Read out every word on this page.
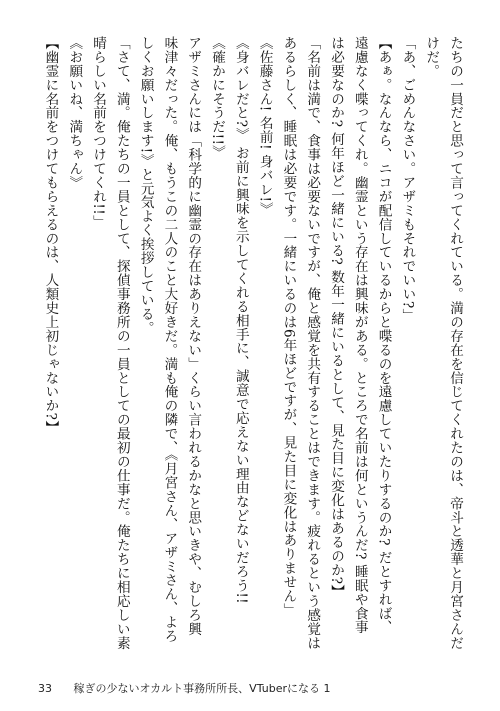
たちの一員だと思って言ってくれている。満の存在を信じてくれたのは、帝斗と透華と月宮さんだ

けだ。

「あ、ごめんなさい。アザミもそれでいい?」

【あぁ。なんなら、ニコが配信しているからと喋るのを遠慮していたりするのか? だとすれば、

遠慮なく喋ってくれ。幽霊という存在は興味がある。ところで名前は何というんだ? 睡眠や食事

は必要なのか? 何年ほど一緒にいる? 数年一緒にいるとして、見た目に変化はあるのか?】

「名前は満で、食事は必要ないですが、俺と感覚を共有することはできます。疲れるという感覚は

あるらしく、睡眠は必要です。一緒にいるのは6年ほどですが、見た目に変化はありません」

《佐藤さん! 名前! 身バレ!》

《身バレだと?》 お前に興味を示してくれる相手に、誠意で応えない理由などないだろう!!

《確かにそうだ!!》

アザミさんには「科学的に幽霊の存在はありえない」くらい言われるかなと思いきや、むしろ興

味津々だった。俺、もうこの二人のこと大好きだ。満も俺の隣で、《月宮さん、アザミさん、よろ

しくお願いします!》と元気よく挨拶している。

「さて、満。俺たちの一員として、探偵事務所の一員としての最初の仕事だ。俺たちに相応しい素

晴らしい名前をつけてくれ!!」

《お願いね、満ちゃん》

【幽霊に名前をつけてもらえるのは、人類史上初じゃないか?】

33 稼ぎの少ないオカルト事務所所長、VTuberになる 1
